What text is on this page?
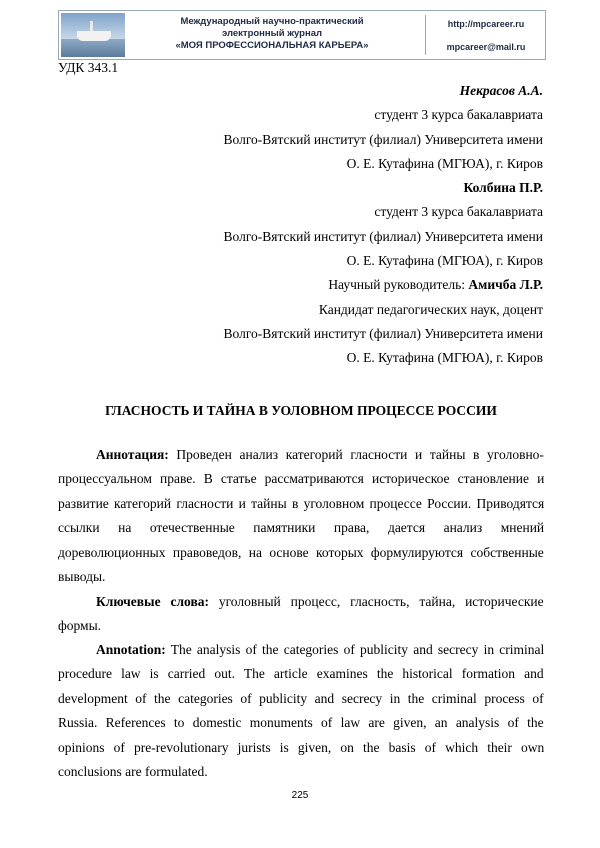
Международный научно-практический
электронный журнал
«МОЯ ПРОФЕССИОНАЛЬНАЯ КАРЬЕРА»
http://mpcareer.ru
mpcareer@mail.ru
УДК 343.1
Некрасов А.А.
студент 3 курса бакалавриата
Волго-Вятский институт (филиал) Университета имени
О. Е. Кутафина (МГЮА), г. Киров
Колбина П.Р.
студент 3 курса бакалавриата
Волго-Вятский институт (филиал) Университета имени
О. Е. Кутафина (МГЮА), г. Киров
Научный руководитель: Амичба Л.Р.
Кандидат педагогических наук, доцент
Волго-Вятский институт (филиал) Университета имени
О. Е. Кутафина (МГЮА), г. Киров
ГЛАСНОСТЬ И ТАЙНА В УОЛОВНОМ ПРОЦЕССЕ РОССИИ
Аннотация: Проведен анализ категорий гласности и тайны в уголовно-
процессуальном праве. В статье рассматриваются историческое становление и
развитие категорий гласности и тайны в уголовном процессе России. Приводятся
ссылки на отечественные памятники права, дается анализ мнений
дореволюционных правоведов, на основе которых формулируются собственные
выводы.
Ключевые слова: уголовный процесс, гласность, тайна, исторические
формы.
Annotation: The analysis of the categories of publicity and secrecy in criminal
procedure law is carried out. The article examines the historical formation and
development of the categories of publicity and secrecy in the criminal process of
Russia. References to domestic monuments of law are given, an analysis of the
opinions of pre-revolutionary jurists is given, on the basis of which their own
conclusions are formulated.
225
